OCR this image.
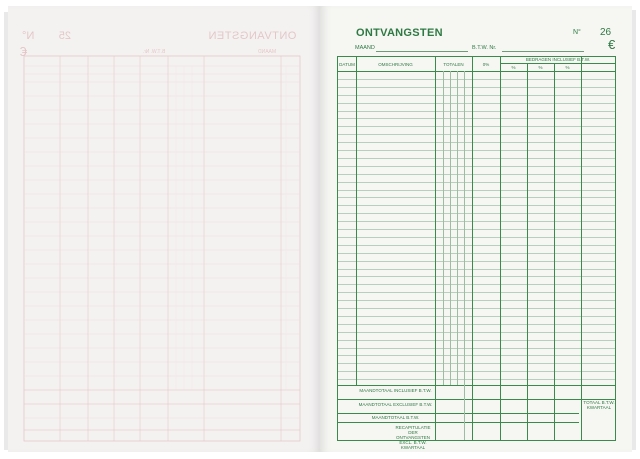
ONTVANGSTEN
25        N°
€	MAAND
B.T.W. Nr.
ONTVANGSTEN	N° 26
€
MAAND	B.T.W. Nr.
DATUM	OMSCHRIJVING	TOTALEN	0%
BEDRAGEN INCLUSIEF B.T.W.
%	%	%
MAANDTOTAAL INCLUSIEF B.T.W.
MAANDTOTAAL EXCLUSIEF B.T.W.
MAANDTOTAAL B.T.W.
RECAPITULATIE DER ONTVANGSTEN EXCL. B.T.W. KWARTAAL
TOTAAL B.T.W. KWARTAAL
